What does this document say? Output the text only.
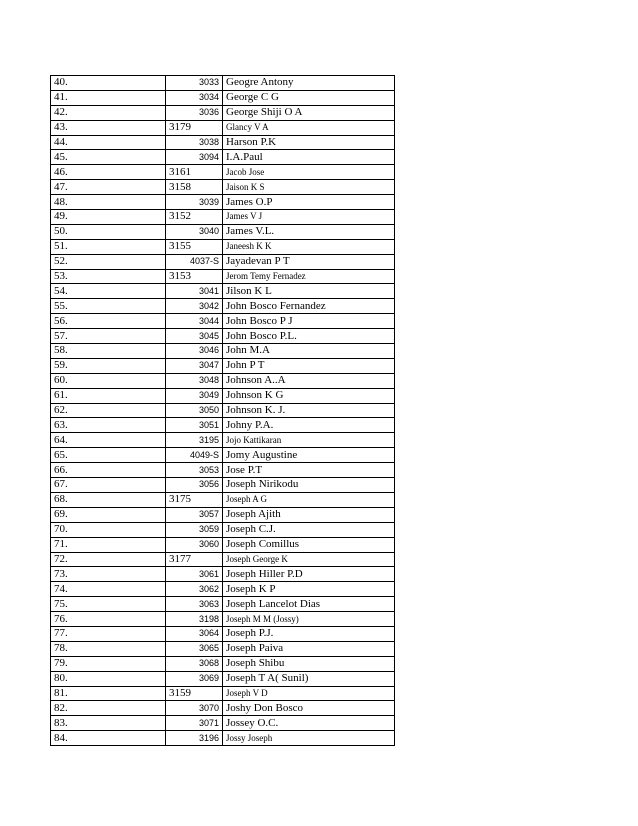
40.	3033	Geogre Antony
41.	3034	George C G
42.	3036	George Shiji O A
43.	3179	Glancy V A
44.	3038	Harson P.K
45.	3094	I.A.Paul
46.	3161	Jacob Jose
47.	3158	Jaison K S
48.	3039	James O.P
49.	3152	James V J
50.	3040	James V.L.
51.	3155	Janeesh K K
52.	4037-S	Jayadevan P T
53.	3153	Jerom Temy Fernadez
54.	3041	Jilson K L
55.	3042	John Bosco Fernandez
56.	3044	John Bosco P J
57.	3045	John Bosco P.L.
58.	3046	John M.A
59.	3047	John P T
60.	3048	Johnson A..A
61.	3049	Johnson K G
62.	3050	Johnson K. J.
63.	3051	Johny P.A.
64.	3195	Jojo Kattikaran
65.	4049-S	Jomy Augustine
66.	3053	Jose P.T
67.	3056	Joseph Nirikodu
68.	3175	Joseph A G
69.	3057	Joseph Ajith
70.	3059	Joseph C.J.
71.	3060	Joseph Comillus
72.	3177	Joseph George K
73.	3061	Joseph Hiller P.D
74.	3062	Joseph K P
75.	3063	Joseph Lancelot Dias
76.	3198	Joseph M M (Jossy)
77.	3064	Joseph P.J.
78.	3065	Joseph Paiva
79.	3068	Joseph Shibu
80.	3069	Joseph T A( Sunil)
81.	3159	Joseph V D
82.	3070	Joshy Don Bosco
83.	3071	Jossey O.C.
84.	3196	Jossy Joseph
